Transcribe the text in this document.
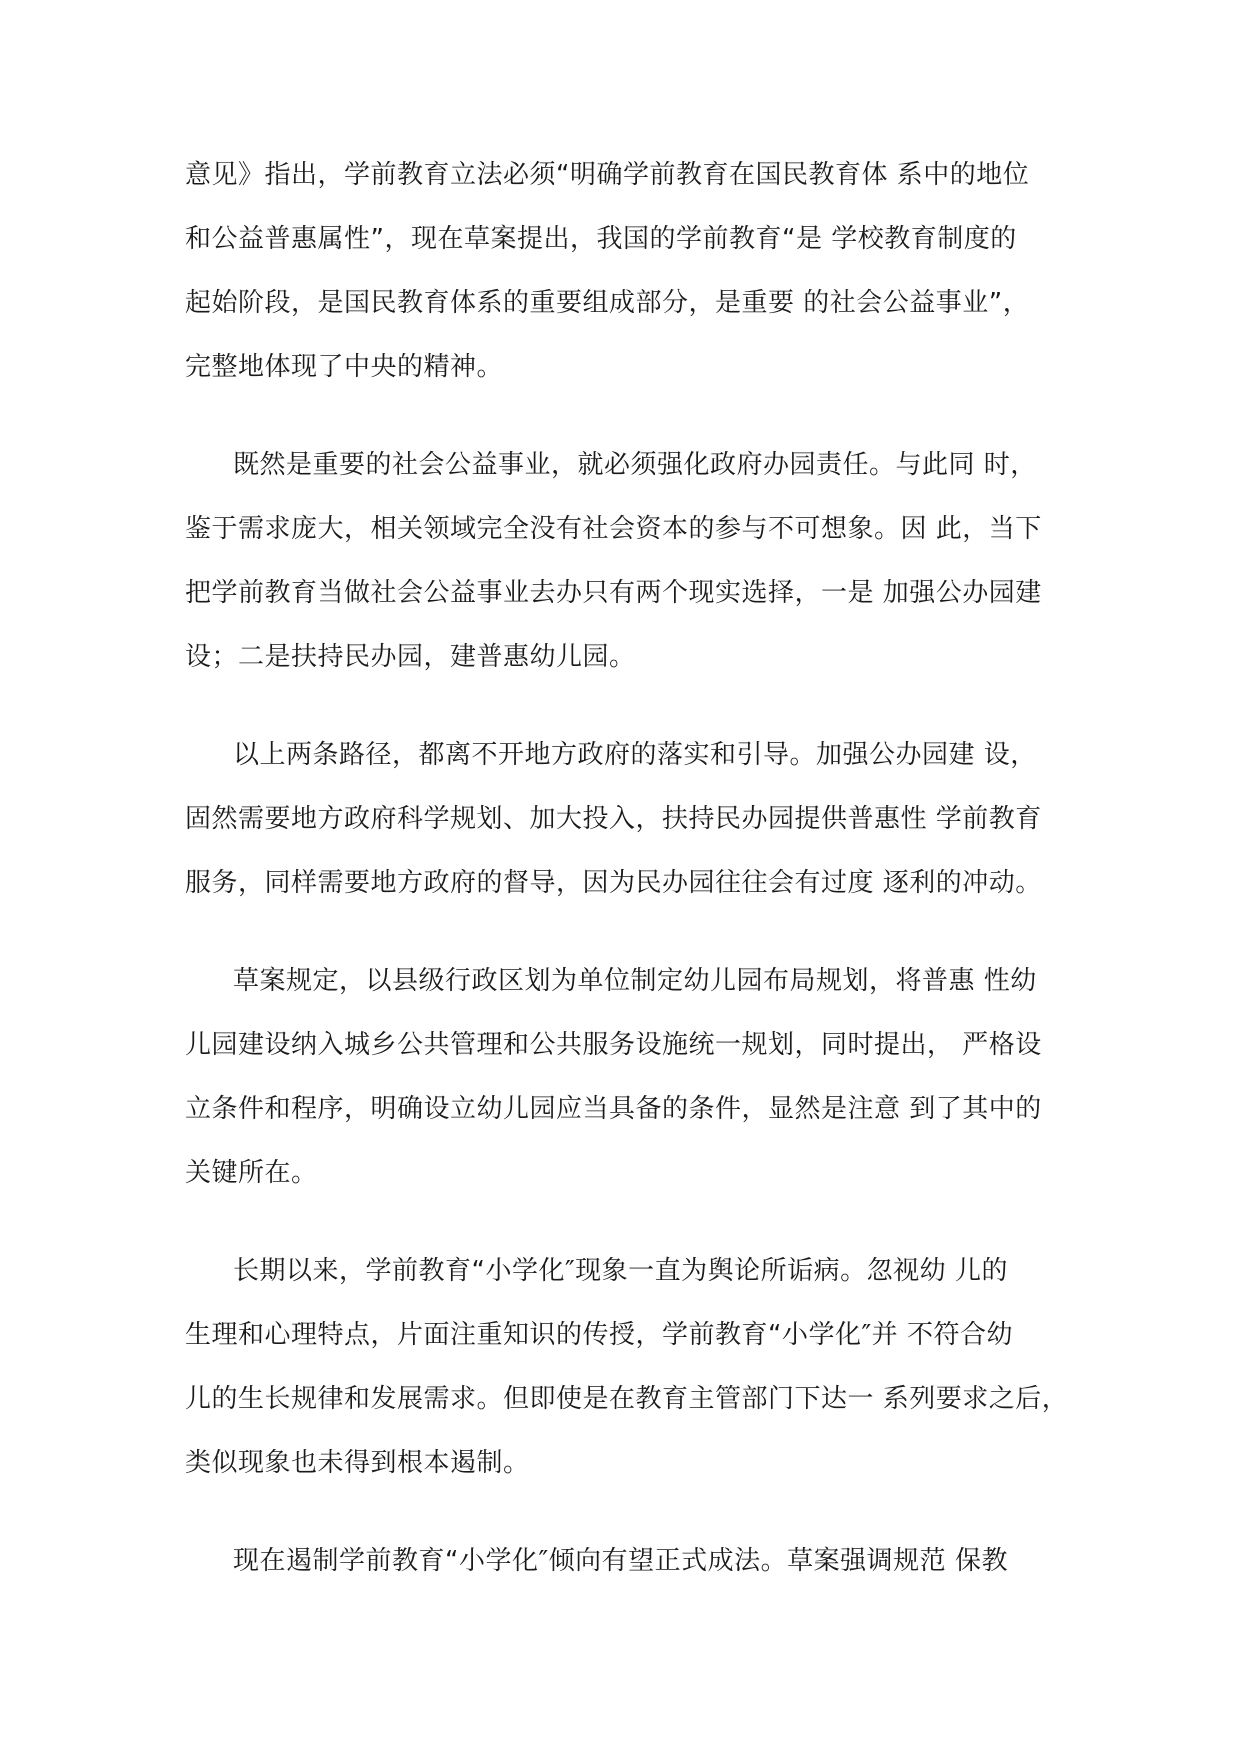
意见》指出，学前教育立法必须“明确学前教育在国民教育体 系中的地位
和公益普惠属性”，现在草案提出，我国的学前教育“是 学校教育制度的
起始阶段，是国民教育体系的重要组成部分，是重要 的社会公益事业”，
完整地体现了中央的精神。
既然是重要的社会公益事业，就必须强化政府办园责任。与此同 时，
鉴于需求庞大，相关领域完全没有社会资本的参与不可想象。因 此，当下
把学前教育当做社会公益事业去办只有两个现实选择，一是 加强公办园建
设；二是扶持民办园，建普惠幼儿园。
以上两条路径，都离不开地方政府的落实和引导。加强公办园建 设，
固然需要地方政府科学规划、加大投入，扶持民办园提供普惠性 学前教育
服务，同样需要地方政府的督导，因为民办园往往会有过度 逐利的冲动。
草案规定，以县级行政区划为单位制定幼儿园布局规划，将普惠 性幼
儿园建设纳入城乡公共管理和公共服务设施统一规划，同时提出， 严格设
立条件和程序，明确设立幼儿园应当具备的条件，显然是注意 到了其中的
关键所在。
长期以来，学前教育“小学化″现象一直为舆论所诟病。忽视幼 儿的
生理和心理特点，片面注重知识的传授，学前教育“小学化″并 不符合幼
儿的生长规律和发展需求。但即使是在教育主管部门下达一 系列要求之后，
类似现象也未得到根本遏制。
现在遏制学前教育“小学化″倾向有望正式成法。草案强调规范 保教
